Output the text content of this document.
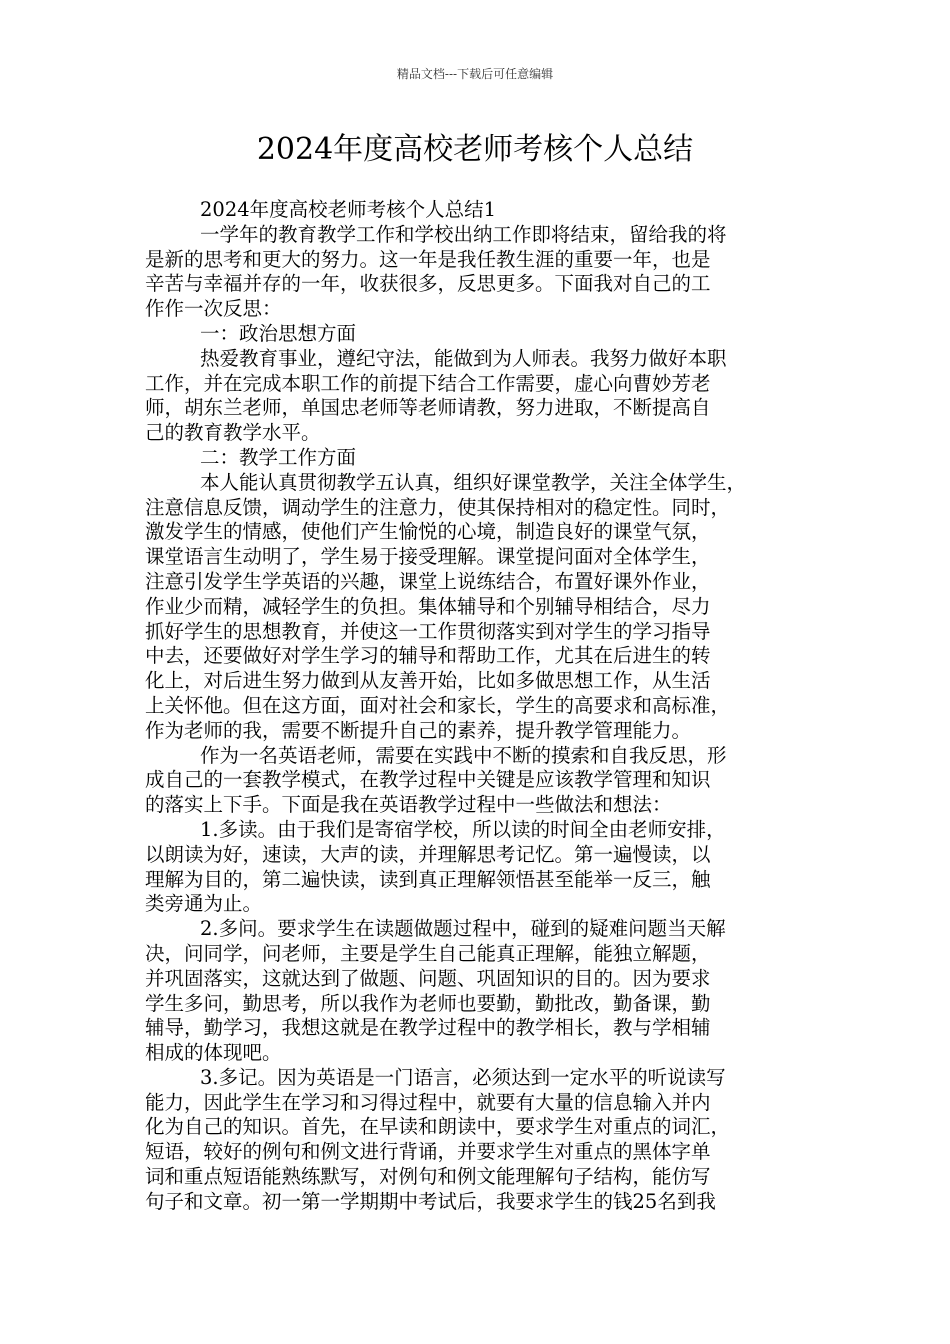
精品文档---下载后可任意编辑
2024年度高校老师考核个人总结
2024年度高校老师考核个人总结1
一学年的教育教学工作和学校出纳工作即将结束，留给我的将
是新的思考和更大的努力。这一年是我任教生涯的重要一年，也是
辛苦与幸福并存的一年，收获很多，反思更多。下面我对自己的工
作作一次反思：
一：政治思想方面
热爱教育事业，遵纪守法，能做到为人师表。我努力做好本职
工作，并在完成本职工作的前提下结合工作需要，虚心向曹妙芳老
师，胡东兰老师，单国忠老师等老师请教，努力进取，不断提高自
己的教育教学水平。
二：教学工作方面
本人能认真贯彻教学五认真，组织好课堂教学，关注全体学生，
注意信息反馈，调动学生的注意力，使其保持相对的稳定性。同时，
激发学生的情感，使他们产生愉悦的心境，制造良好的课堂气氛，
课堂语言生动明了，学生易于接受理解。课堂提问面对全体学生，
注意引发学生学英语的兴趣，课堂上说练结合，布置好课外作业，
作业少而精，减轻学生的负担。集体辅导和个别辅导相结合，尽力
抓好学生的思想教育，并使这一工作贯彻落实到对学生的学习指导
中去，还要做好对学生学习的辅导和帮助工作，尤其在后进生的转
化上，对后进生努力做到从友善开始，比如多做思想工作，从生活
上关怀他。但在这方面，面对社会和家长，学生的高要求和高标准，
作为老师的我，需要不断提升自己的素养，提升教学管理能力。
作为一名英语老师，需要在实践中不断的摸索和自我反思，形
成自己的一套教学模式，在教学过程中关键是应该教学管理和知识
的落实上下手。下面是我在英语教学过程中一些做法和想法：
1.多读。由于我们是寄宿学校，所以读的时间全由老师安排，
以朗读为好，速读，大声的读，并理解思考记忆。第一遍慢读，以
理解为目的，第二遍快读，读到真正理解领悟甚至能举一反三，触
类旁通为止。
2.多问。要求学生在读题做题过程中，碰到的疑难问题当天解
决，问同学，问老师，主要是学生自己能真正理解，能独立解题，
并巩固落实，这就达到了做题、问题、巩固知识的目的。因为要求
学生多问，勤思考，所以我作为老师也要勤，勤批改，勤备课，勤
辅导，勤学习，我想这就是在教学过程中的教学相长，教与学相辅
相成的体现吧。
3.多记。因为英语是一门语言，必须达到一定水平的听说读写
能力，因此学生在学习和习得过程中，就要有大量的信息输入并内
化为自己的知识。首先，在早读和朗读中，要求学生对重点的词汇，
短语，较好的例句和例文进行背诵，并要求学生对重点的黑体字单
词和重点短语能熟练默写，对例句和例文能理解句子结构，能仿写
句子和文章。初一第一学期期中考试后，我要求学生的钱25名到我
